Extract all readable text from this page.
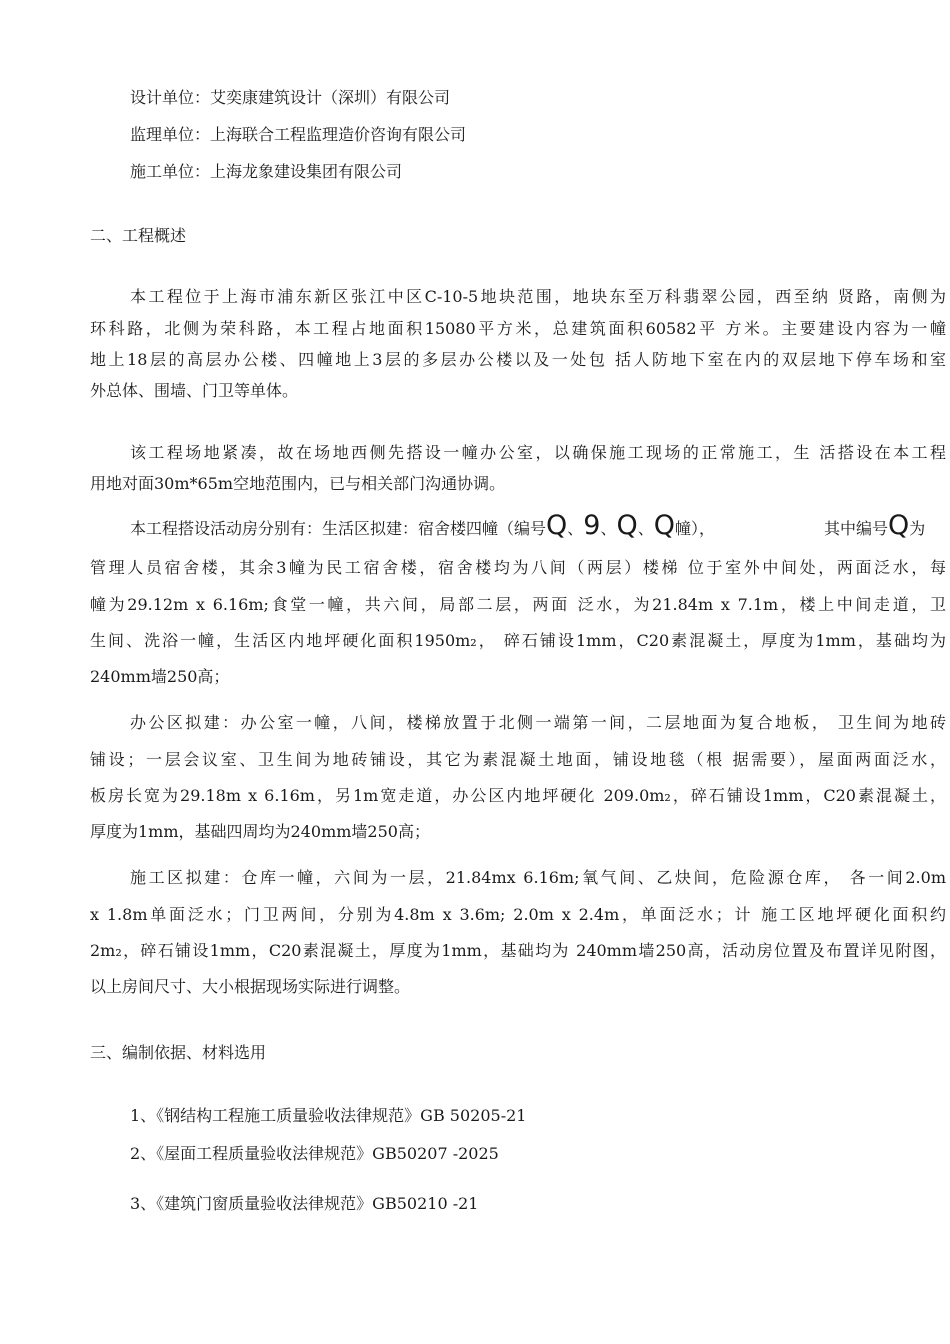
设计单位：艾奕康建筑设计（深圳）有限公司
监理单位：上海联合工程监理造价咨询有限公司
施工单位：上海龙象建设集团有限公司
二、工程概述
本工程位于上海市浦东新区张江中区C-10-5地块范围，地块东至万科翡翠公园，西至纳 贤路，南侧为
环科路，北侧为荣科路，本工程占地面积15080平方米，总建筑面积60582平 方米。主要建设内容为一幢
地上18层的高层办公楼、四幢地上3层的多层办公楼以及一处包 括人防地下室在内的双层地下停车场和室
外总体、围墙、门卫等单体。
该工程场地紧凑，故在场地西侧先搭设一幢办公室，以确保施工现场的正常施工，生 活搭设在本工程
用地对面30m*65m空地范围内，已与相关部门沟通协调。
本工程搭设活动房分别有：生活区拟建：宿舍楼四幢（编号Q、9、Q、Q幢），	其中编号Q为
管理人员宿舍楼，其余3幢为民工宿舍楼，宿舍楼均为八间（两层）楼梯 位于室外中间处，两面泛水，每
幢为29.12m x 6.16m;食堂一幢，共六间，局部二层，两面 泛水，为21.84m x 7.1m，楼上中间走道，卫
生间、洗浴一幢，生活区内地坪硬化面积1950m₂， 碎石铺设1mm，C20素混凝土，厚度为1mm，基础均为
240mm墙250高；
办公区拟建：办公室一幢，八间，楼梯放置于北侧一端第一间，二层地面为复合地板， 卫生间为地砖
铺设；一层会议室、卫生间为地砖铺设，其它为素混凝土地面，铺设地毯（根 据需要），屋面两面泛水，
板房长宽为29.18m x 6.16m，另1m宽走道，办公区内地坪硬化 209.0m₂，碎石铺设1mm，C20素混凝土，
厚度为1mm，基础四周均为240mm墙250高；
施工区拟建：仓库一幢，六间为一层，21.84mx 6.16m;氧气间、乙炔间，危险源仓库， 各一间2.0m
x 1.8m单面泛水；门卫两间，分别为4.8m x 3.6m; 2.0m x 2.4m，单面泛水；计 施工区地坪硬化面积约
2m₂，碎石铺设1mm，C20素混凝土，厚度为1mm，基础均为 240mm墙250高，活动房位置及布置详见附图，
以上房间尺寸、大小根据现场实际进行调整。
三、编制依据、材料选用
1、《钢结构工程施工质量验收法律规范》GB 50205-21
2、《屋面工程质量验收法律规范》GB50207 -2025
3、《建筑门窗质量验收法律规范》GB50210 -21
